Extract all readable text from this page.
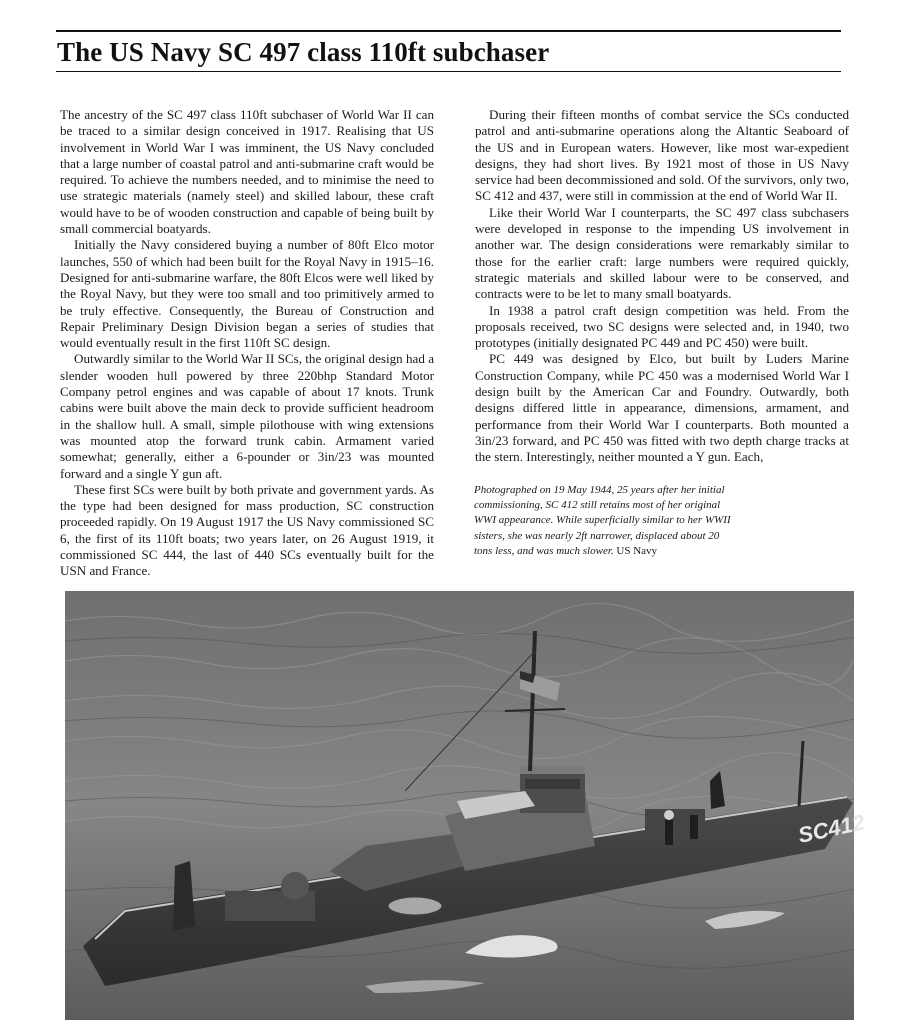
The US Navy SC 497 class 110ft subchaser

The ancestry of the SC 497 class 110ft subchaser of World War II can be traced to a similar design conceived in 1917. Realising that US involvement in World War I was imminent, the US Navy concluded that a large number of coastal patrol and anti-submarine craft would be required. To achieve the numbers needed, and to minimise the need to use strategic materials (namely steel) and skilled labour, these craft would have to be of wooden construction and capable of being built by small commercial boatyards.

Initially the Navy considered buying a number of 80ft Elco motor launches, 550 of which had been built for the Royal Navy in 1915–16. Designed for anti-submarine warfare, the 80ft Elcos were well liked by the Royal Navy, but they were too small and too primitively armed to be truly effective. Consequently, the Bureau of Construction and Repair Preliminary Design Division began a series of studies that would eventually result in the first 110ft SC design.

Outwardly similar to the World War II SCs, the original design had a slender wooden hull powered by three 220bhp Standard Motor Company petrol engines and was capable of about 17 knots. Trunk cabins were built above the main deck to provide sufficient headroom in the shallow hull. A small, simple pilothouse with wing extensions was mounted atop the forward trunk cabin. Armament varied somewhat; generally, either a 6-pounder or 3in/23 was mounted forward and a single Y gun aft.

These first SCs were built by both private and government yards. As the type had been designed for mass production, SC construction proceeded rapidly. On 19 August 1917 the US Navy commissioned SC 6, the first of its 110ft boats; two years later, on 26 August 1919, it commissioned SC 444, the last of 440 SCs eventually built for the USN and France.

During their fifteen months of combat service the SCs conducted patrol and anti-submarine operations along the Altantic Seaboard of the US and in European waters. However, like most war-expedient designs, they had short lives. By 1921 most of those in US Navy service had been decommissioned and sold. Of the survivors, only two, SC 412 and 437, were still in commission at the end of World War II.

Like their World War I counterparts, the SC 497 class subchasers were developed in response to the impending US involvement in another war. The design considerations were remarkably similar to those for the earlier craft: large numbers were required quickly, strategic materials and skilled labour were to be conserved, and contracts were to be let to many small boatyards.

In 1938 a patrol craft design competition was held. From the proposals received, two SC designs were selected and, in 1940, two prototypes (initially designated PC 449 and PC 450) were built.

PC 449 was designed by Elco, but built by Luders Marine Construction Company, while PC 450 was a modernised World War I design built by the American Car and Foundry. Outwardly, both designs differed little in appearance, dimensions, armament, and performance from their World War I counterparts. Both mounted a 3in/23 forward, and PC 450 was fitted with two depth charge tracks at the stern. Interestingly, neither mounted a Y gun. Each,

Photographed on 19 May 1944, 25 years after her initial commissioning, SC 412 still retains most of her original WWI appearance. While superficially similar to her WWII sisters, she was nearly 2ft narrower, displaced about 20 tons less, and was much slower. US Navy
SC412
